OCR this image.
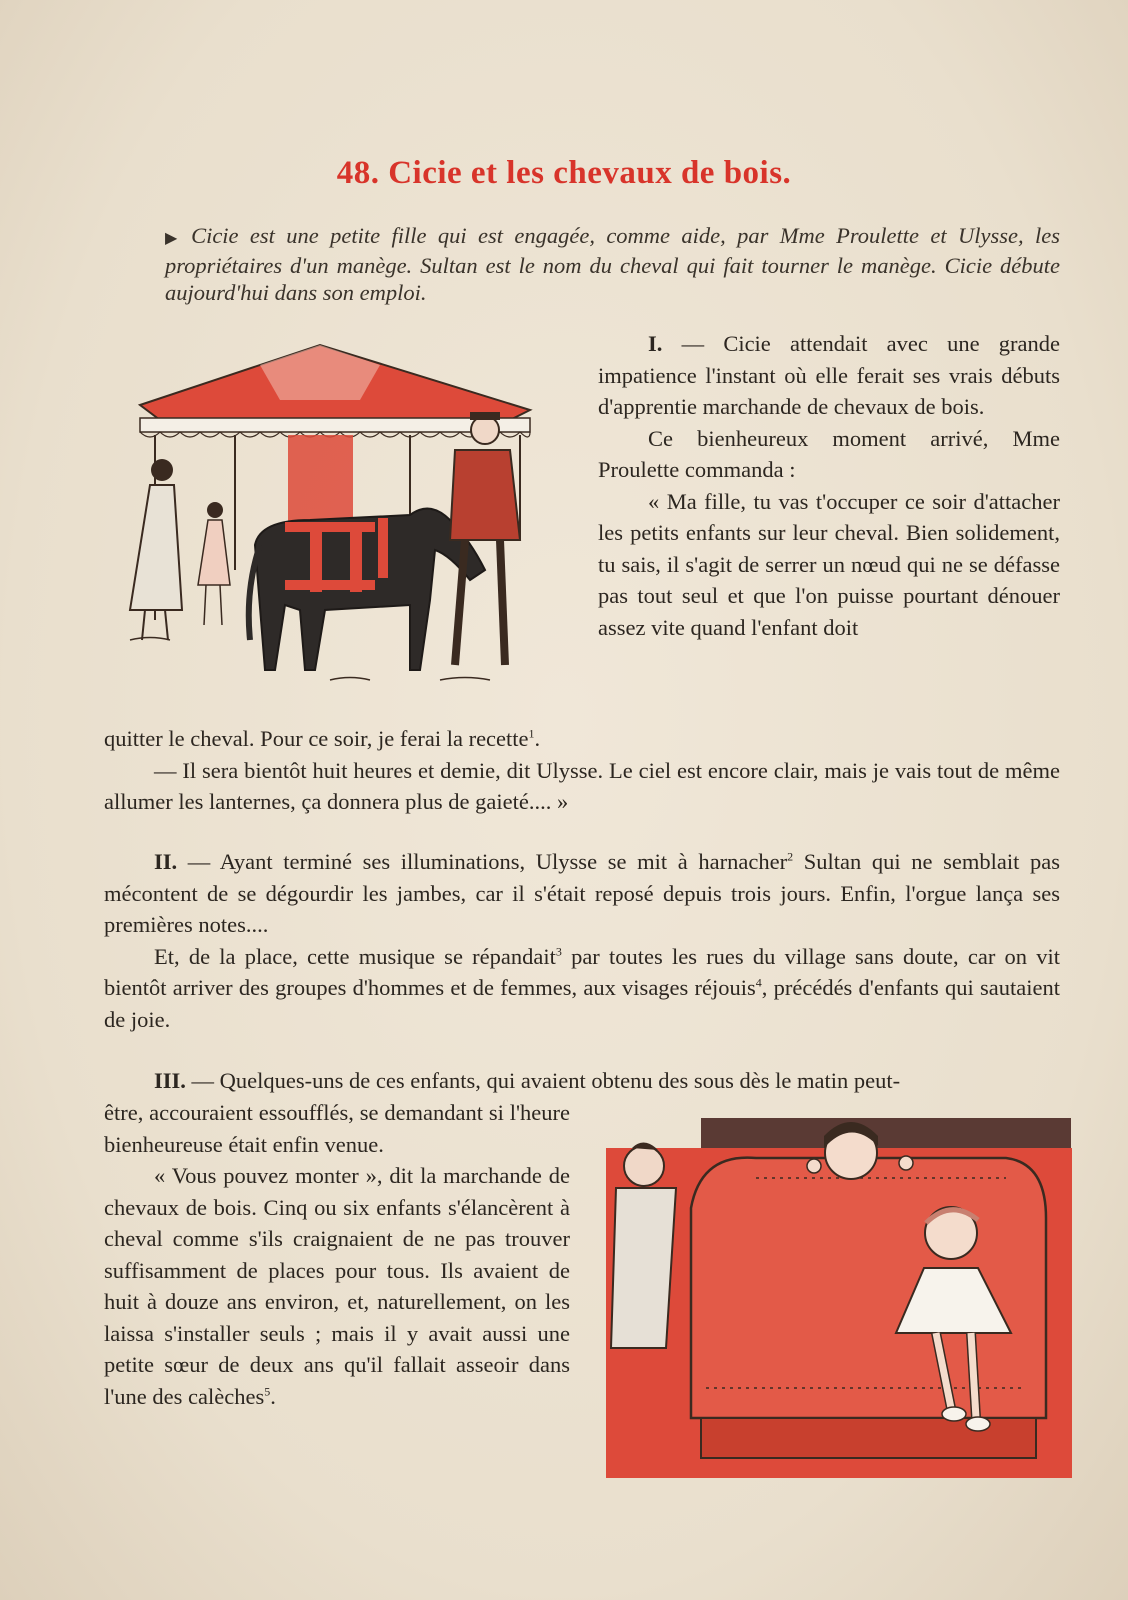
48. Cicie et les chevaux de bois.
▶ Cicie est une petite fille qui est engagée, comme aide, par Mme Proulette et Ulysse, les propriétaires d'un manège. Sultan est le nom du cheval qui fait tourner le manège. Cicie débute aujourd'hui dans son emploi.

I. — Cicie attendait avec une grande impatience l'instant où elle ferait ses vrais débuts d'apprentie marchande de chevaux de bois.

Ce bienheureux moment arrivé, Mme Proulette commanda :

« Ma fille, tu vas t'occuper ce soir d'attacher les petits enfants sur leur cheval. Bien solidement, tu sais, il s'agit de serrer un nœud qui ne se défasse pas tout seul et que l'on puisse pourtant dénouer assez vite quand l'enfant doit

quitter le cheval. Pour ce soir, je ferai la recette$^1$.

— Il sera bientôt huit heures et demie, dit Ulysse. Le ciel est encore clair, mais je vais tout de même allumer les lanternes, ça donnera plus de gaieté.... »

II. — Ayant terminé ses illuminations, Ulysse se mit à harnacher$^2$ Sultan qui ne semblait pas mécontent de se dégourdir les jambes, car il s'était reposé depuis trois jours. Enfin, l'orgue lança ses premières notes....

Et, de la place, cette musique se répandait$^3$ par toutes les rues du village sans doute, car on vit bientôt arriver des groupes d'hommes et de femmes, aux visages réjouis$^4$, précédés d'enfants qui sautaient de joie.

III. — Quelques-uns de ces enfants, qui avaient obtenu des sous dès le matin peut-

être, accouraient essoufflés, se demandant si l'heure bienheureuse était enfin venue.

« Vous pouvez monter », dit la marchande de chevaux de bois. Cinq ou six enfants s'élancèrent à cheval comme s'ils craignaient de ne pas trouver suffisamment de places pour tous. Ils avaient de huit à douze ans environ, et, naturellement, on les laissa s'installer seuls ; mais il y avait aussi une petite sœur de deux ans qu'il fallait asseoir dans l'une des calèches$^5$.
